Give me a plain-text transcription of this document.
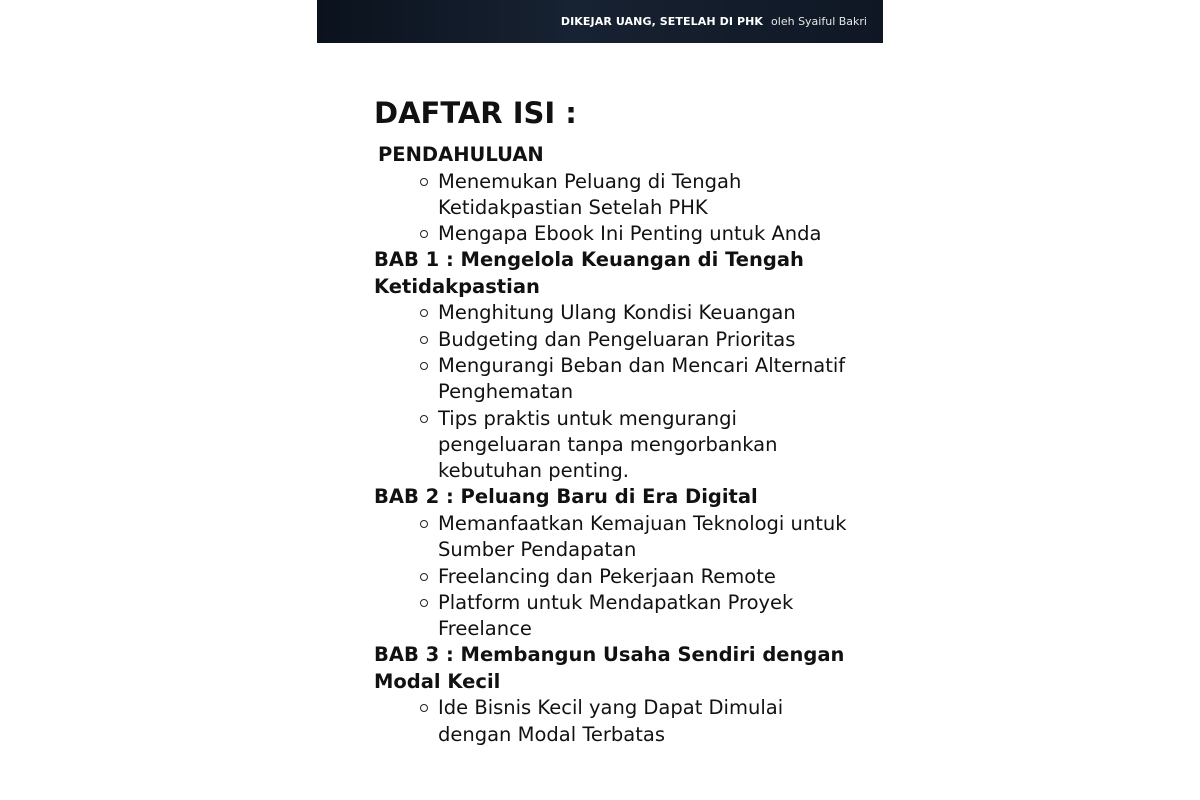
DIKEJAR UANG, SETELAH DI PHK oleh Syaiful Bakri
DAFTAR ISI :

PENDAHULUAN

Menemukan Peluang di Tengah Ketidakpastian Setelah PHK
Mengapa Ebook Ini Penting untuk Anda

BAB 1 : Mengelola Keuangan di Tengah Ketidakpastian

Menghitung Ulang Kondisi Keuangan
Budgeting dan Pengeluaran Prioritas
Mengurangi Beban dan Mencari Alternatif Penghematan
Tips praktis untuk mengurangi pengeluaran tanpa mengorbankan kebutuhan penting.

BAB 2 : Peluang Baru di Era Digital

Memanfaatkan Kemajuan Teknologi untuk Sumber Pendapatan
Freelancing dan Pekerjaan Remote
Platform untuk Mendapatkan Proyek Freelance

BAB 3 : Membangun Usaha Sendiri dengan Modal Kecil

Ide Bisnis Kecil yang Dapat Dimulai dengan Modal Terbatas
